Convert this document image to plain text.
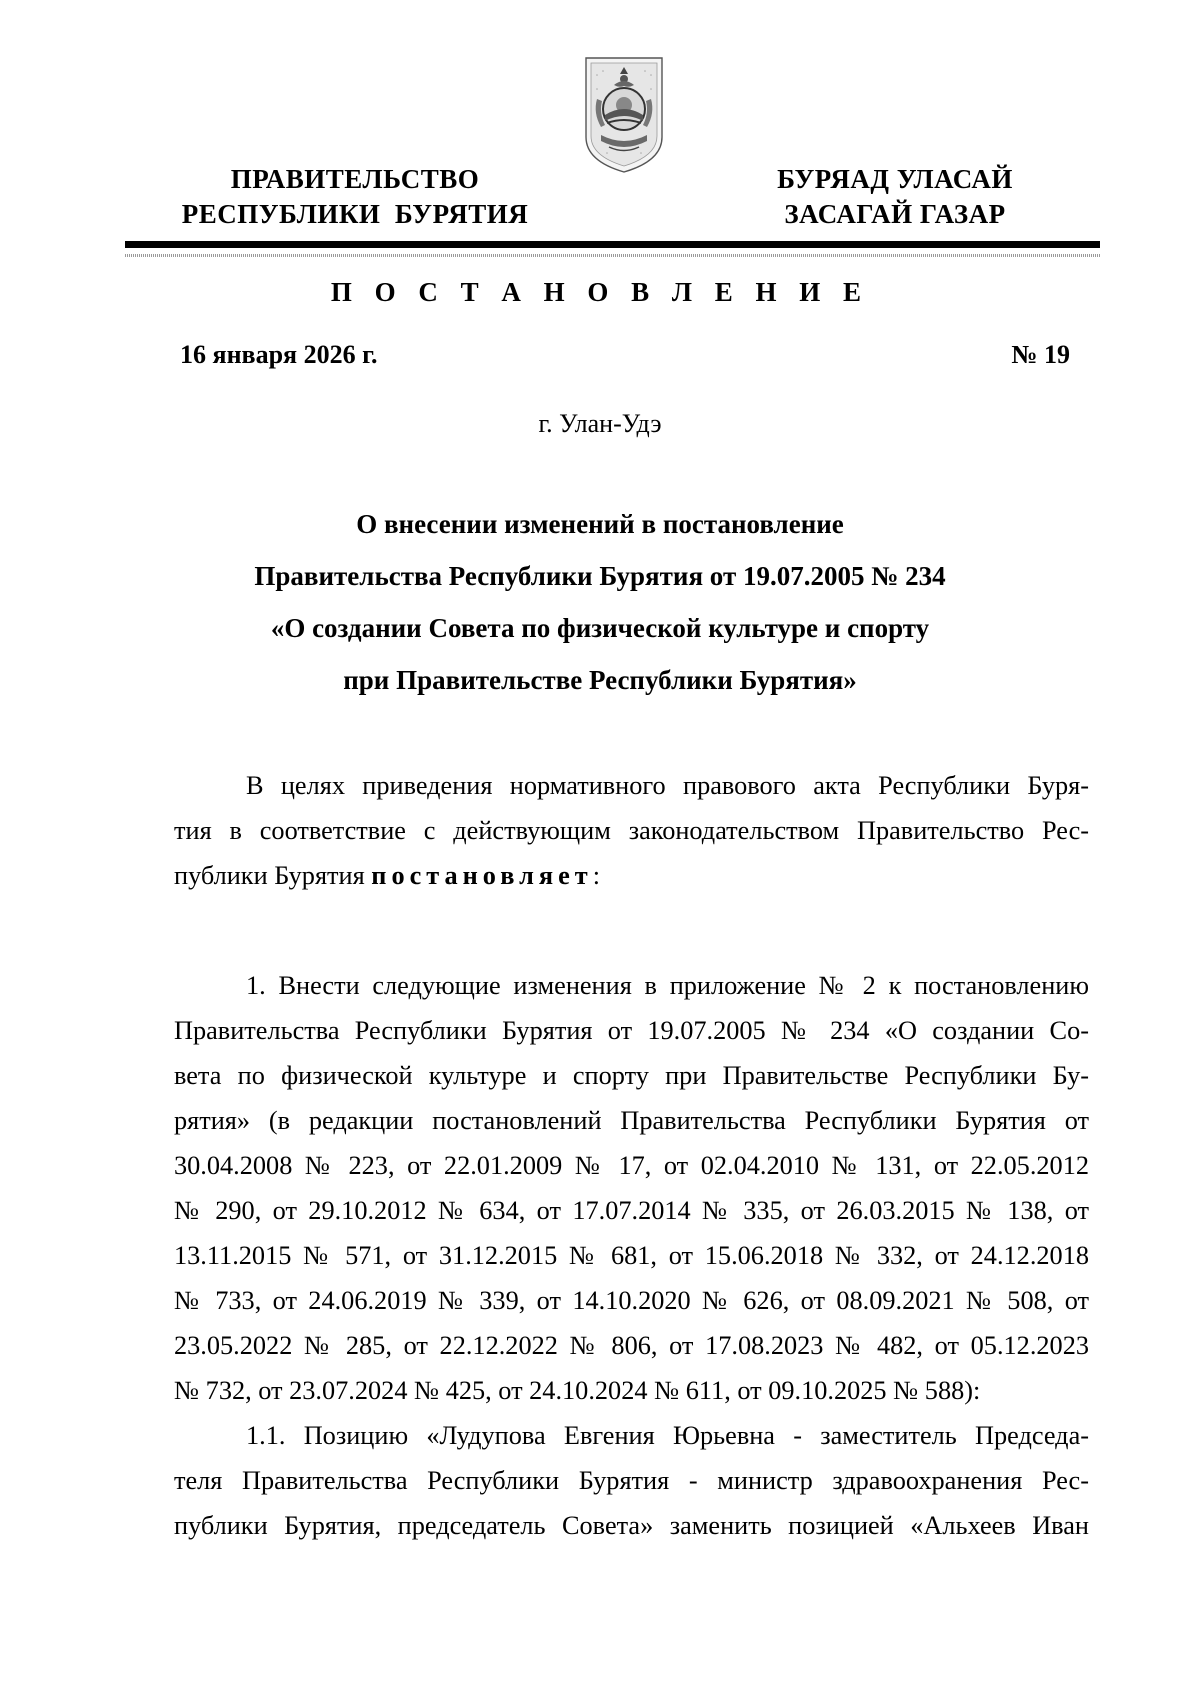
ПРАВИТЕЛЬСТВО
РЕСПУБЛИКИ  БУРЯТИЯ
БУРЯАД УЛАСАЙ
ЗАСАГАЙ ГАЗАР
П О С Т А Н О В Л Е Н И Е
16 января 2026 г.	№ 19
г. Улан-Удэ
О внесении изменений в постановление
Правительства Республики Бурятия от 19.07.2005 № 234
«О создании Совета по физической культуре и спорту
при Правительстве Республики Бурятия»
В целях приведения нормативного правового акта Республики Буря-
тия в соответствие с действующим законодательством Правительство Рес-
публики Бурятия постановляет:
1. Внести следующие изменения в приложение № 2 к постановлению
Правительства Республики Бурятия от 19.07.2005 № 234 «О создании Со-
вета по физической культуре и спорту при Правительстве Республики Бу-
рятия» (в редакции постановлений Правительства Республики Бурятия от
30.04.2008 № 223, от 22.01.2009 № 17, от 02.04.2010 № 131, от 22.05.2012
№ 290, от 29.10.2012 № 634, от 17.07.2014 № 335, от 26.03.2015 № 138, от
13.11.2015 № 571, от 31.12.2015 № 681, от 15.06.2018 № 332, от 24.12.2018
№ 733, от 24.06.2019 № 339, от 14.10.2020 № 626, от 08.09.2021 № 508, от
23.05.2022 № 285, от 22.12.2022 № 806, от 17.08.2023 № 482, от 05.12.2023
№ 732, от 23.07.2024 № 425, от 24.10.2024 № 611, от 09.10.2025 № 588):
1.1. Позицию «Лудупова Евгения Юрьевна - заместитель Председа-
теля Правительства Республики Бурятия - министр здравоохранения Рес-
публики Бурятия, председатель Совета» заменить позицией «Альхеев Иван
